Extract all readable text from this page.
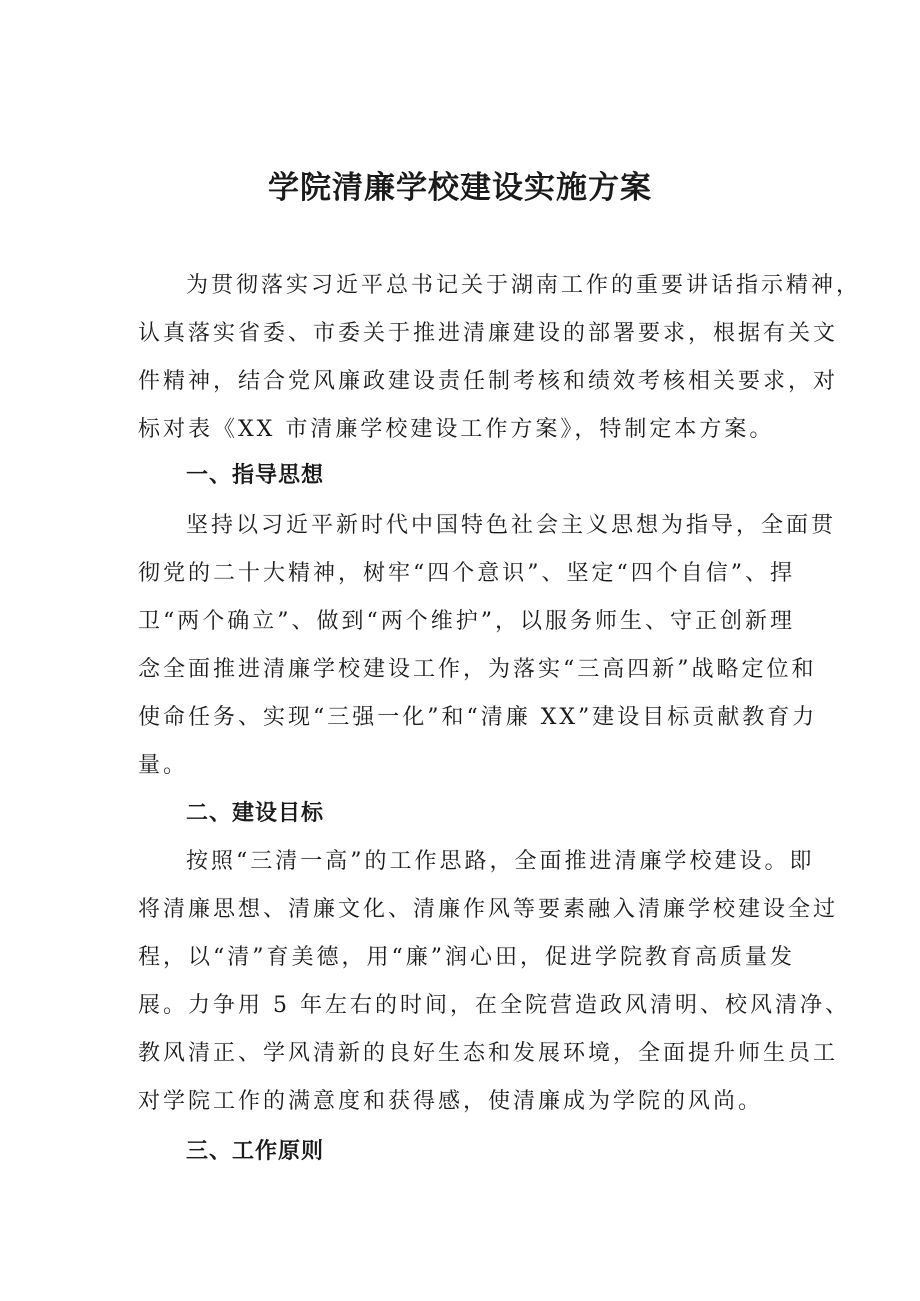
学院清廉学校建设实施方案
为贯彻落实习近平总书记关于湖南工作的重要讲话指示精神，
认真落实省委、市委关于推进清廉建设的部署要求，根据有关文
件精神，结合党风廉政建设责任制考核和绩效考核相关要求，对
标对表《XX 市清廉学校建设工作方案》，特制定本方案。
一、指导思想
坚持以习近平新时代中国特色社会主义思想为指导，全面贯
彻党的二十大精神，树牢“四个意识”、坚定“四个自信”、捍
卫“两个确立”、做到“两个维护”，以服务师生、守正创新理
念全面推进清廉学校建设工作，为落实“三高四新”战略定位和
使命任务、实现“三强一化”和“清廉 XX”建设目标贡献教育力
量。
二、建设目标
按照“三清一高”的工作思路，全面推进清廉学校建设。即
将清廉思想、清廉文化、清廉作风等要素融入清廉学校建设全过
程，以“清”育美德，用“廉”润心田，促进学院教育高质量发
展。力争用 5 年左右的时间，在全院营造政风清明、校风清净、
教风清正、学风清新的良好生态和发展环境，全面提升师生员工
对学院工作的满意度和获得感，使清廉成为学院的风尚。
三、工作原则
